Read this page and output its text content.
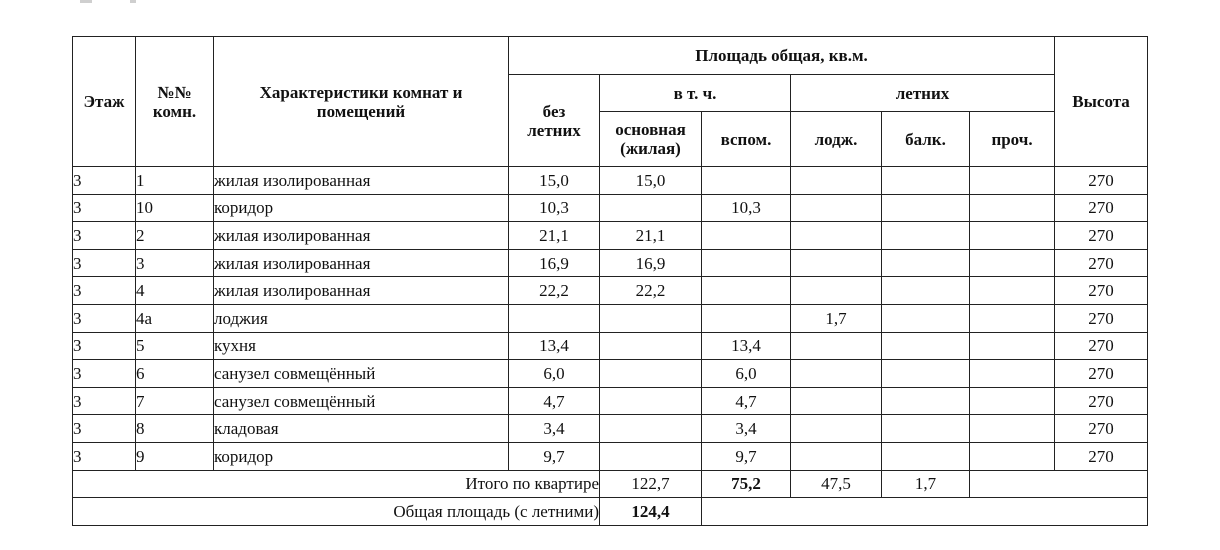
Этаж	№№ комн.	Характеристики комнат и помещений	Площадь общая, кв.м.						Высота
			без летних	в т. ч.		летних			
				основная (жилая)	вспом.	лодж.	балк.	проч.	
3	1	жилая изолированная	15,0	15,0					270
3	10	коридор	10,3		10,3				270
3	2	жилая изолированная	21,1	21,1					270
3	3	жилая изолированная	16,9	16,9					270
3	4	жилая изолированная	22,2	22,2					270
3	4а	лоджия				1,7			270
3	5	кухня	13,4		13,4				270
3	6	санузел совмещённый	6,0		6,0				270
3	7	санузел совмещённый	4,7		4,7				270
3	8	кладовая	3,4		3,4				270
3	9	коридор	9,7		9,7				270
Итого по квартире				122,7	75,2	47,5	1,7		
Общая площадь (с летними)				124,4					
